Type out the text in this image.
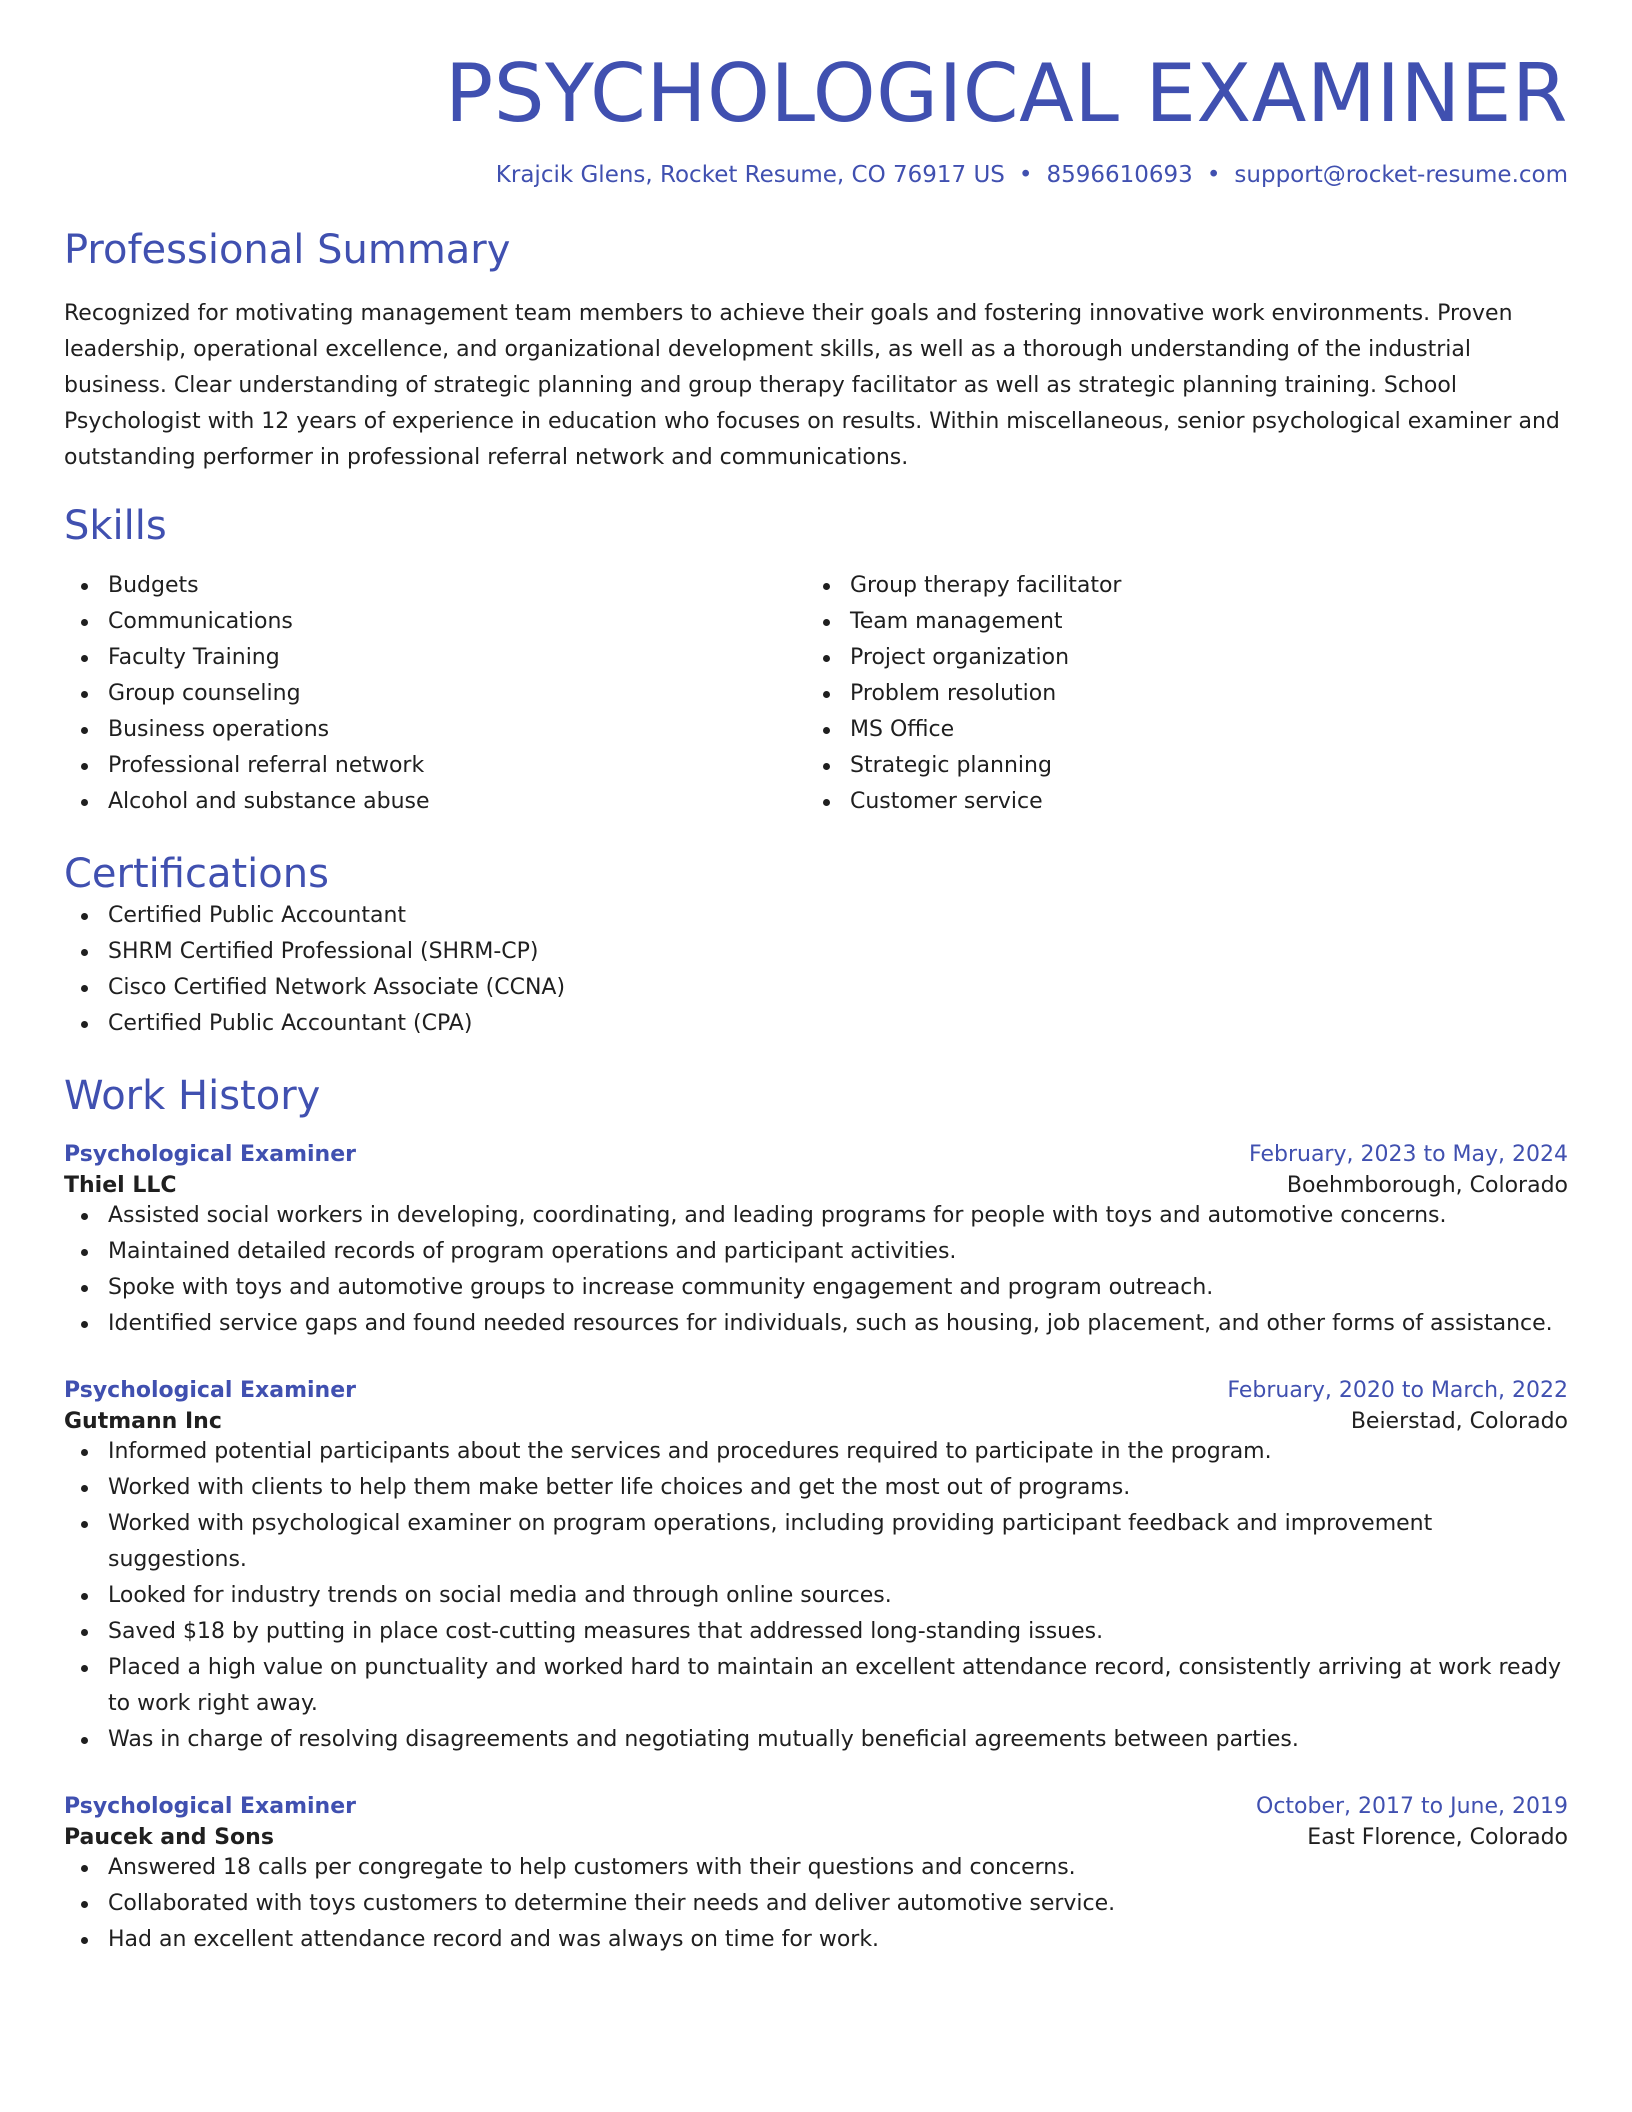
PSYCHOLOGICAL EXAMINER
Krajcik Glens, Rocket Resume, CO 76917 US • 8596610693 • support@rocket-resume.com
Professional Summary

Recognized for motivating management team members to achieve their goals and fostering innovative work environments. Proven leadership, operational excellence, and organizational development skills, as well as a thorough understanding of the industrial business. Clear understanding of strategic planning and group therapy facilitator as well as strategic planning training. School Psychologist with 12 years of experience in education who focuses on results. Within miscellaneous, senior psychological examiner and outstanding performer in professional referral network and communications.

Skills
Budgets
Communications
Faculty Training
Group counseling
Business operations
Professional referral network
Alcohol and substance abuse
Group therapy facilitator
Team management
Project organization
Problem resolution
MS Office
Strategic planning
Customer service
Certifications
Certified Public Accountant
SHRM Certified Professional (SHRM-CP)
Cisco Certified Network Associate (CCNA)
Certified Public Accountant (CPA)
Work History
Psychological Examiner	February, 2023 to May, 2024
Thiel LLC	Boehmborough, Colorado
Assisted social workers in developing, coordinating, and leading programs for people with toys and automotive concerns.
Maintained detailed records of program operations and participant activities.
Spoke with toys and automotive groups to increase community engagement and program outreach.
Identified service gaps and found needed resources for individuals, such as housing, job placement, and other forms of assistance.
Psychological Examiner	February, 2020 to March, 2022
Gutmann Inc	Beierstad, Colorado
Informed potential participants about the services and procedures required to participate in the program.
Worked with clients to help them make better life choices and get the most out of programs.
Worked with psychological examiner on program operations, including providing participant feedback and improvement suggestions.
Looked for industry trends on social media and through online sources.
Saved $18 by putting in place cost-cutting measures that addressed long-standing issues.
Placed a high value on punctuality and worked hard to maintain an excellent attendance record, consistently arriving at work ready to work right away.
Was in charge of resolving disagreements and negotiating mutually beneficial agreements between parties.
Psychological Examiner	October, 2017 to June, 2019
Paucek and Sons	East Florence, Colorado
Answered 18 calls per congregate to help customers with their questions and concerns.
Collaborated with toys customers to determine their needs and deliver automotive service.
Had an excellent attendance record and was always on time for work.
